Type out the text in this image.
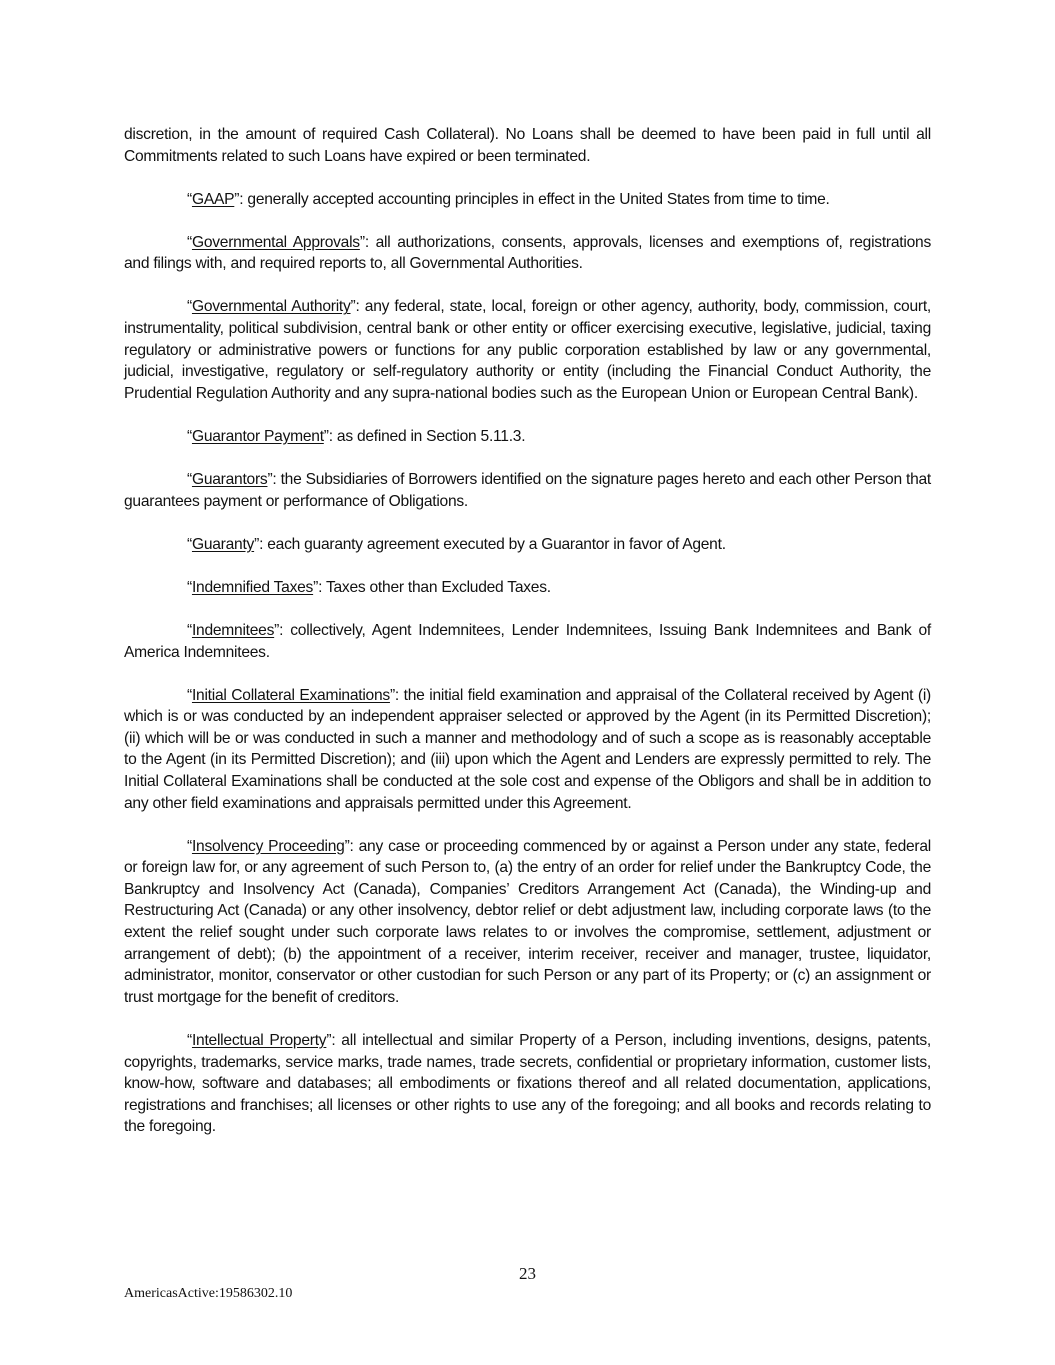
discretion, in the amount of required Cash Collateral). No Loans shall be deemed to have been paid in full until all Commitments related to such Loans have expired or been terminated.

“GAAP”: generally accepted accounting principles in effect in the United States from time to time.

“Governmental Approvals”: all authorizations, consents, approvals, licenses and exemptions of, registrations and filings with, and required reports to, all Governmental Authorities.

“Governmental Authority”: any federal, state, local, foreign or other agency, authority, body, commission, court, instrumentality, political subdivision, central bank or other entity or officer exercising executive, legislative, judicial, taxing regulatory or administrative powers or functions for any public corporation established by law or any governmental, judicial, investigative, regulatory or self-regulatory authority or entity (including the Financial Conduct Authority, the Prudential Regulation Authority and any supra-national bodies such as the European Union or European Central Bank).

“Guarantor Payment”: as defined in Section 5.11.3.

“Guarantors”: the Subsidiaries of Borrowers identified on the signature pages hereto and each other Person that guarantees payment or performance of Obligations.

“Guaranty”: each guaranty agreement executed by a Guarantor in favor of Agent.

“Indemnified Taxes”: Taxes other than Excluded Taxes.

“Indemnitees”: collectively, Agent Indemnitees, Lender Indemnitees, Issuing Bank Indemnitees and Bank of America Indemnitees.

“Initial Collateral Examinations”: the initial field examination and appraisal of the Collateral received by Agent (i) which is or was conducted by an independent appraiser selected or approved by the Agent (in its Permitted Discretion); (ii) which will be or was conducted in such a manner and methodology and of such a scope as is reasonably acceptable to the Agent (in its Permitted Discretion); and (iii) upon which the Agent and Lenders are expressly permitted to rely. The Initial Collateral Examinations shall be conducted at the sole cost and expense of the Obligors and shall be in addition to any other field examinations and appraisals permitted under this Agreement.

“Insolvency Proceeding”: any case or proceeding commenced by or against a Person under any state, federal or foreign law for, or any agreement of such Person to, (a) the entry of an order for relief under the Bankruptcy Code, the Bankruptcy and Insolvency Act (Canada), Companies’ Creditors Arrangement Act (Canada), the Winding-up and Restructuring Act (Canada) or any other insolvency, debtor relief or debt adjustment law, including corporate laws (to the extent the relief sought under such corporate laws relates to or involves the compromise, settlement, adjustment or arrangement of debt); (b) the appointment of a receiver, interim receiver, receiver and manager, trustee, liquidator, administrator, monitor, conservator or other custodian for such Person or any part of its Property; or (c) an assignment or trust mortgage for the benefit of creditors.

“Intellectual Property”: all intellectual and similar Property of a Person, including inventions, designs, patents, copyrights, trademarks, service marks, trade names, trade secrets, confidential or proprietary information, customer lists, know-how, software and databases; all embodiments or fixations thereof and all related documentation, applications, registrations and franchises; all licenses or other rights to use any of the foregoing; and all books and records relating to the foregoing.

23
AmericasActive:19586302.10
